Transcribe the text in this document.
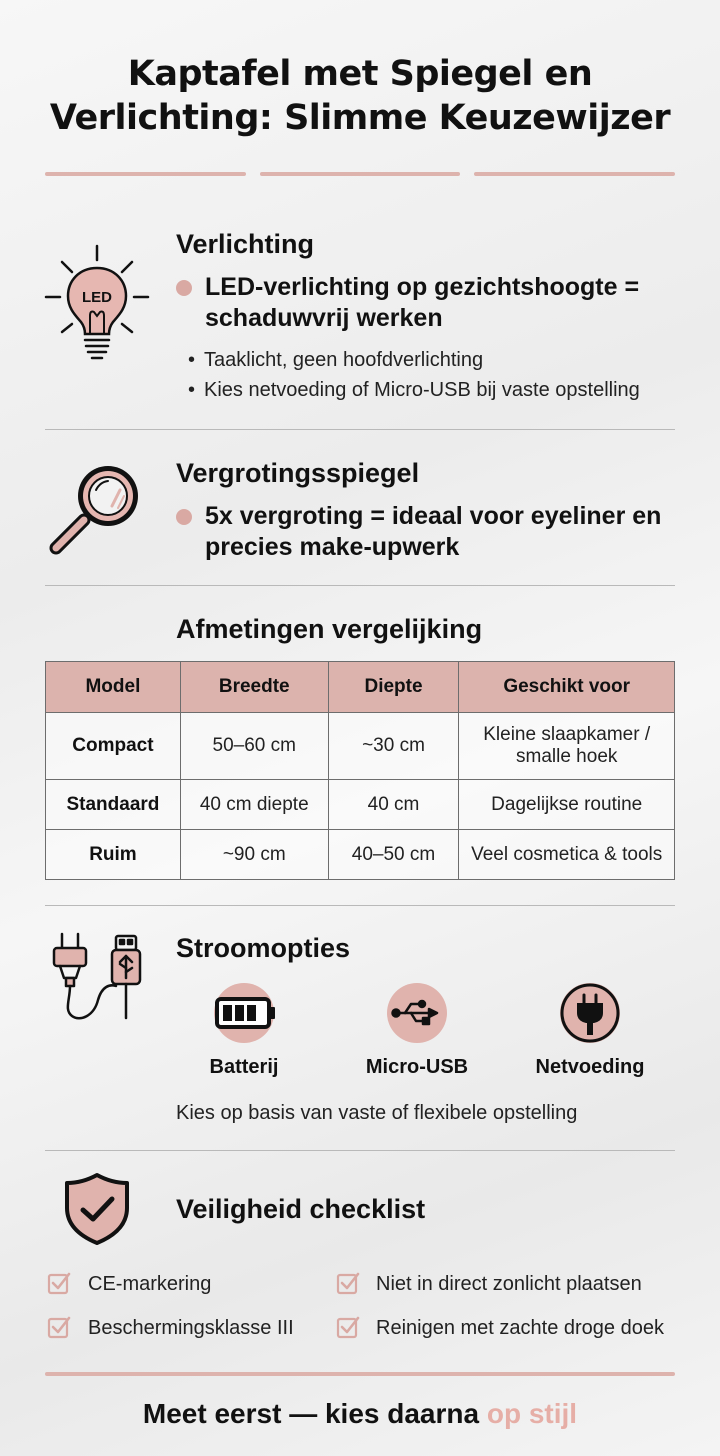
Kaptafel met Spiegel en
Verlichting: Slimme Keuzewijzer
LED
Verlichting
LED-verlichting op gezichtshoogte =
schaduwvrij werken
• Taaklicht, geen hoofdverlichting
• Kies netvoeding of Micro-USB bij vaste opstelling
Vergrotingsspiegel
5x vergroting = ideaal voor eyeliner en
precies make-upwerk
Afmetingen vergelijking
Model	Breedte	Diepte	Geschikt voor
Compact	50–60 cm	~30 cm	Kleine slaapkamer /
smalle hoek

Standaard	40 cm diepte	40 cm	Dagelijkse routine
Ruim	~90 cm	40–50 cm	Veel cosmetica & tools
Stroomopties
Batterij	Micro-USB	Netvoeding
Kies op basis van vaste of flexibele opstelling
Veiligheid checklist
CE-markering
Beschermingsklasse III
Niet in direct zonlicht plaatsen
Reinigen met zachte droge doek
Meet eerst — kies daarna op stijl
